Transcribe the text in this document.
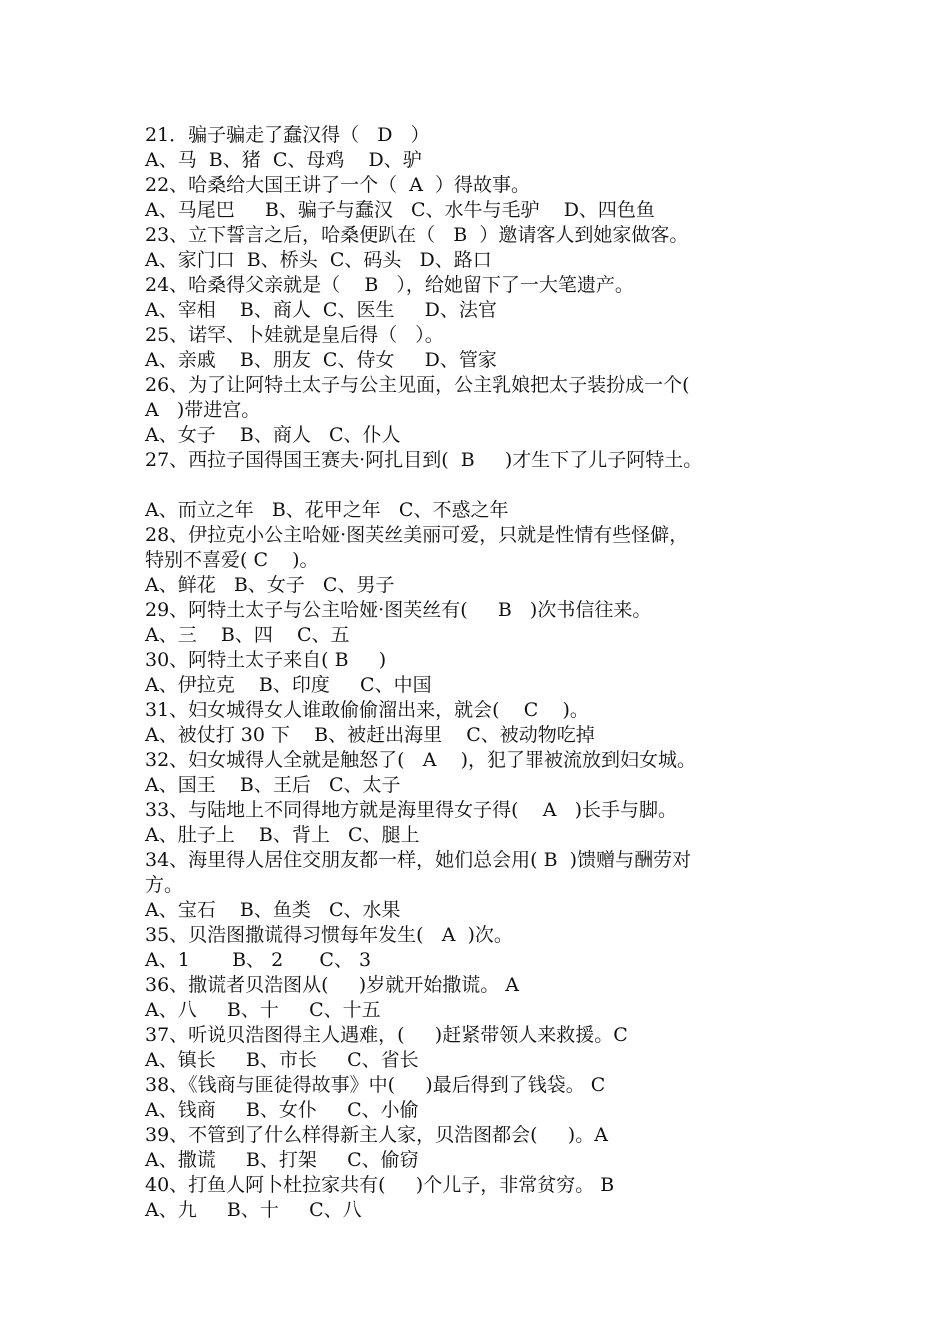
21．骗子骗走了蠢汉得（   D   ）
A、马  B、猪  C、母鸡    D、驴
22、哈桑给大国王讲了一个（  A  ）得故事。
A、马尾巴     B、骗子与蠢汉   C、水牛与毛驴    D、四色鱼
23、立下誓言之后，哈桑便趴在（   B  ）邀请客人到她家做客。
A、家门口  B、桥头  C、码头   D、路口
24、哈桑得父亲就是（    B   ），给她留下了一大笔遗产。
A、宰相    B、商人  C、医生     D、法官
25、诺罕、卜娃就是皇后得（   ）。
A、亲戚    B、朋友  C、侍女     D、管家
26、为了让阿特土太子与公主见面，公主乳娘把太子装扮成一个(
A   )带进宫。
A、女子    B、商人   C、仆人
27、西拉子国得国王赛夫·阿扎目到(  B     )才生下了儿子阿特土。
A、而立之年   B、花甲之年   C、不惑之年
28、伊拉克小公主哈娅·图芙丝美丽可爱，只就是性情有些怪僻，
特别不喜爱( C    )。
A、鲜花   B、女子   C、男子
29、阿特土太子与公主哈娅·图芙丝有(     B   )次书信往来。
A、三    B、四    C、五
30、阿特土太子来自( B     )
A、伊拉克    B、印度     C、中国
31、妇女城得女人谁敢偷偷溜出来，就会(    C    )。
A、被仗打 30 下    B、被赶出海里    C、被动物吃掉
32、妇女城得人全就是触怒了(   A    )，犯了罪被流放到妇女城。
A、国王    B、王后   C、太子
33、与陆地上不同得地方就是海里得女子得(    A   )长手与脚。
A、肚子上    B、背上   C、腿上
34、海里得人居住交朋友都一样，她们总会用( B  )馈赠与酬劳对
方。
A、宝石    B、鱼类   C、水果
35、贝浩图撒谎得习惯每年发生(   A  )次。
A、1       B、 2      C、 3
36、撒谎者贝浩图从(     )岁就开始撒谎。 A
A、八     B、十     C、十五
37、听说贝浩图得主人遇难，(     )赶紧带领人来救援。C
A、镇长     B、市长     C、省长
38、《钱商与匪徒得故事》中(     )最后得到了钱袋。 C
A、钱商     B、女仆     C、小偷
39、不管到了什么样得新主人家，贝浩图都会(     )。A
A、撒谎     B、打架     C、偷窃
40、打鱼人阿卜杜拉家共有(     )个儿子，非常贫穷。 B
A、九     B、十     C、八
